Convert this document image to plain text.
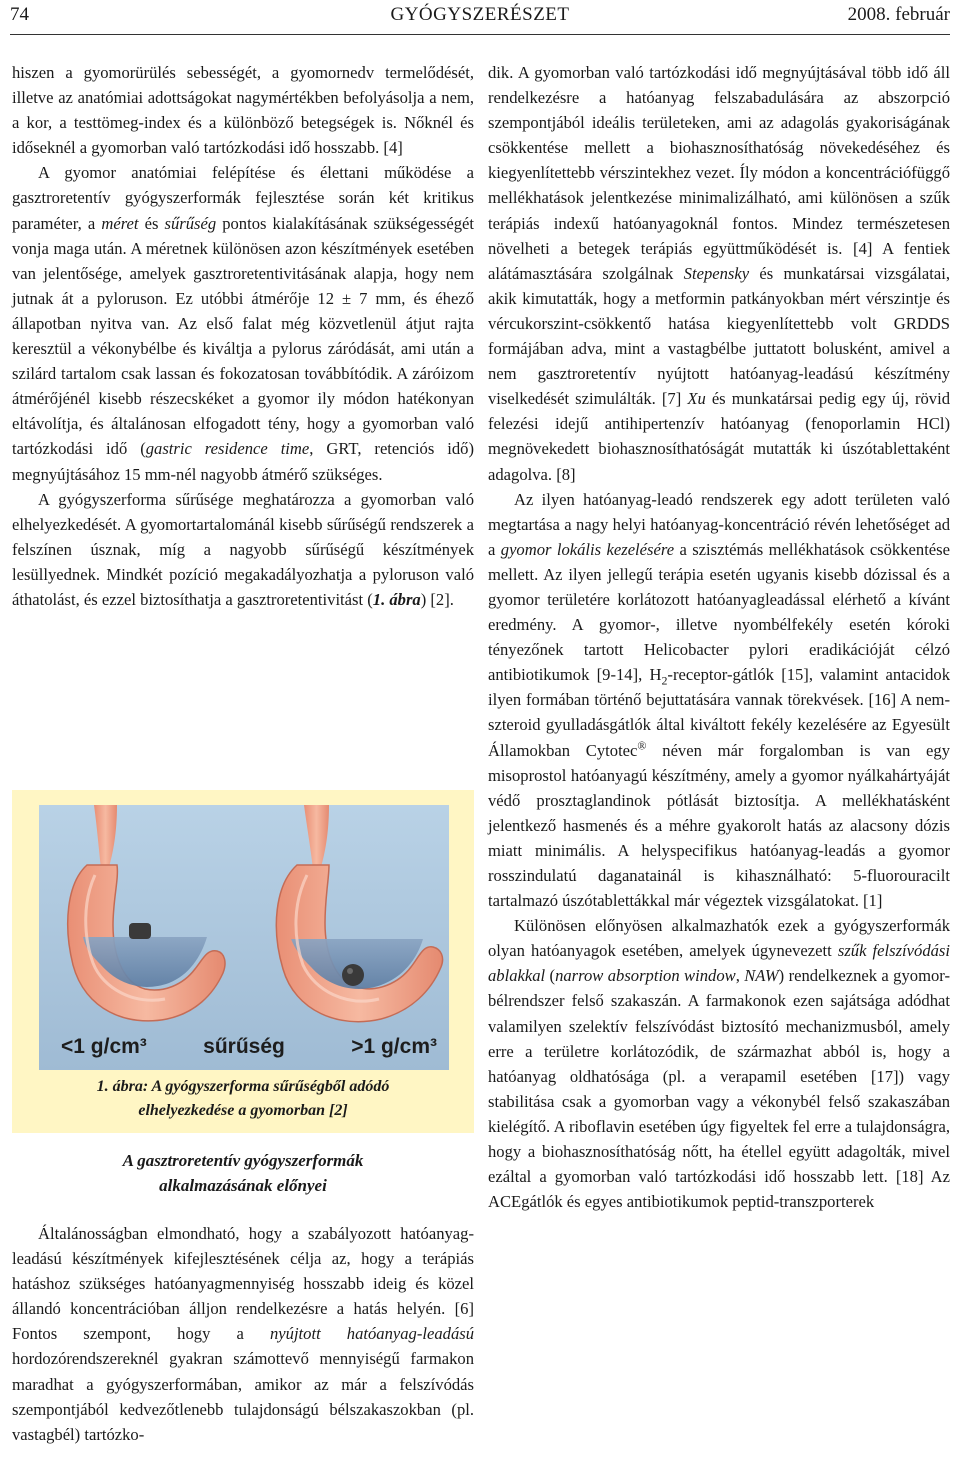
74	GYÓGYSZERÉSZET	2008. február

hiszen a gyomorürülés sebességét, a gyomornedv termelődését, illetve az anatómiai adottságokat nagymértékben befolyásolja a nem, a kor, a testtömeg-index és a különböző betegségek is. Nőknél és időseknél a gyomorban való tartózkodási idő hosszabb. [4]

A gyomor anatómiai felépítése és élettani működése a gasztroretentív gyógyszerformák fejlesztése során két kritikus paraméter, a méret és sűrűség pontos kialakításának szükségességét vonja maga után. A méretnek különösen azon készítmények esetében van jelentősége, amelyek gasztroretentivitásának alapja, hogy nem jutnak át a pyloruson. Ez utóbbi átmérője 12 ± 7 mm, és éhező állapotban nyitva van. Az első falat még közvetlenül átjut rajta keresztül a vékonybélbe és kiváltja a pylorus záródását, ami után a szilárd tartalom csak lassan és fokozatosan továbbítódik. A záróizom átmérőjénél kisebb részecskéket a gyomor ily módon hatékonyan eltávolítja, és általánosan elfogadott tény, hogy a gyomorban való tartózkodási idő (gastric residence time, GRT, retenciós idő) megnyújtásához 15 mm-nél nagyobb átmérő szükséges.

A gyógyszerforma sűrűsége meghatározza a gyomorban való elhelyezkedését. A gyomortartalománál kisebb sűrűségű rendszerek a felszínen úsznak, míg a nagyobb sűrűségű készítmények lesüllyednek. Mindkét pozíció megakadályozhatja a pyloruson való áthatolást, és ezzel biztosíthatja a gasztroretentivitást (1. ábra) [2].

<1 g/cm³	sűrűség	>1 g/cm³
1. ábra: A gyógyszerforma sűrűségből adódó
elhelyezkedése a gyomorban [2]
A gasztroretentív gyógyszerformák
alkalmazásának előnyei

Általánosságban elmondható, hogy a szabályozott hatóanyag-leadású készítmények kifejlesztésének célja az, hogy a terápiás hatáshoz szükséges hatóanyagmennyiség hosszabb ideig és közel állandó koncentrációban álljon rendelkezésre a hatás helyén. [6] Fontos szempont, hogy a nyújtott hatóanyag-leadású hordozórendszereknél gyakran számottevő mennyiségű farmakon maradhat a gyógyszerformában, amikor az már a felszívódás szempontjából kedvezőtlenebb tulajdonságú bélszakaszokban (pl. vastagbél) tartózko-

dik. A gyomorban való tartózkodási idő megnyújtásával több idő áll rendelkezésre a hatóanyag felszabadulására az abszorpció szempontjából ideális területeken, ami az adagolás gyakoriságának csökkentése mellett a biohasznosíthatóság növekedéséhez és kiegyenlítettebb vérszintekhez vezet. Íly módon a koncentrációfüggő mellékhatások jelentkezése minimalizálható, ami különösen a szűk terápiás indexű hatóanyagoknál fontos. Mindez természetesen növelheti a betegek terápiás együttműködését is. [4] A fentiek alátámasztására szolgálnak Stepensky és munkatársai vizsgálatai, akik kimutatták, hogy a metformin patkányokban mért vérszintje és vércukorszint-csökkentő hatása kiegyenlítettebb volt GRDDS formájában adva, mint a vastagbélbe juttatott bolusként, amivel a nem gasztroretentív nyújtott hatóanyag-leadású készítmény viselkedését szimulálták. [7] Xu és munkatársai pedig egy új, rövid felezési idejű antihipertenzív hatóanyag (fenoporlamin HCl) megnövekedett biohasznosíthatóságát mutatták ki úszótablettaként adagolva. [8]

Az ilyen hatóanyag-leadó rendszerek egy adott területen való megtartása a nagy helyi hatóanyag-koncentráció révén lehetőséget ad a gyomor lokális kezelésére a szisztémás mellékhatások csökkentése mellett. Az ilyen jellegű terápia esetén ugyanis kisebb dózissal és a gyomor területére korlátozott hatóanyagleadással elérhető a kívánt eredmény. A gyomor-, illetve nyombélfekély esetén kóroki tényezőnek tartott Helicobacter pylori eradikációját célzó antibiotikumok [9-14], $H_2-receptor$-gátlók [15], valamint antacidok ilyen formában történő bejuttatására vannak törekvések. [16] A nem-szteroid gyulladásgátlók által kiváltott fekély kezelésére az Egyesült Államokban Cytotec® néven már forgalomban is van egy misoprostol hatóanyagú készítmény, amely a gyomor nyálkahártyáját védő prosztaglandinok pótlását biztosítja. A mellékhatásként jelentkező hasmenés és a méhre gyakorolt hatás az alacsony dózis miatt minimális. A helyspecifikus hatóanyag-leadás a gyomor rosszindulatú daganatainál is kihasználható: 5-fluorouracilt tartalmazó úszótablettákkal már végeztek vizsgálatokat. [1]

Különösen előnyösen alkalmazhatók ezek a gyógyszerformák olyan hatóanyagok esetében, amelyek úgynevezett szűk felszívódási ablakkal (narrow absorption window, NAW) rendelkeznek a gyomor-bélrendszer felső szakaszán. A farmakonok ezen sajátsága adódhat valamilyen szelektív felszívódást biztosító mechanizmusból, amely erre a területre korlátozódik, de származhat abból is, hogy a hatóanyag oldhatósága (pl. a verapamil esetében [17]) vagy stabilitása csak a gyomorban vagy a vékonybél felső szakaszában kielégítő. A riboflavin esetében úgy figyeltek fel erre a tulajdonságra, hogy a biohasznosíthatóság nőtt, ha étellel együtt adagolták, mivel ezáltal a gyomorban való tartózkodási idő hosszabb lett. [18] Az ACEgátlók és egyes antibiotikumok peptid-transzporterek
